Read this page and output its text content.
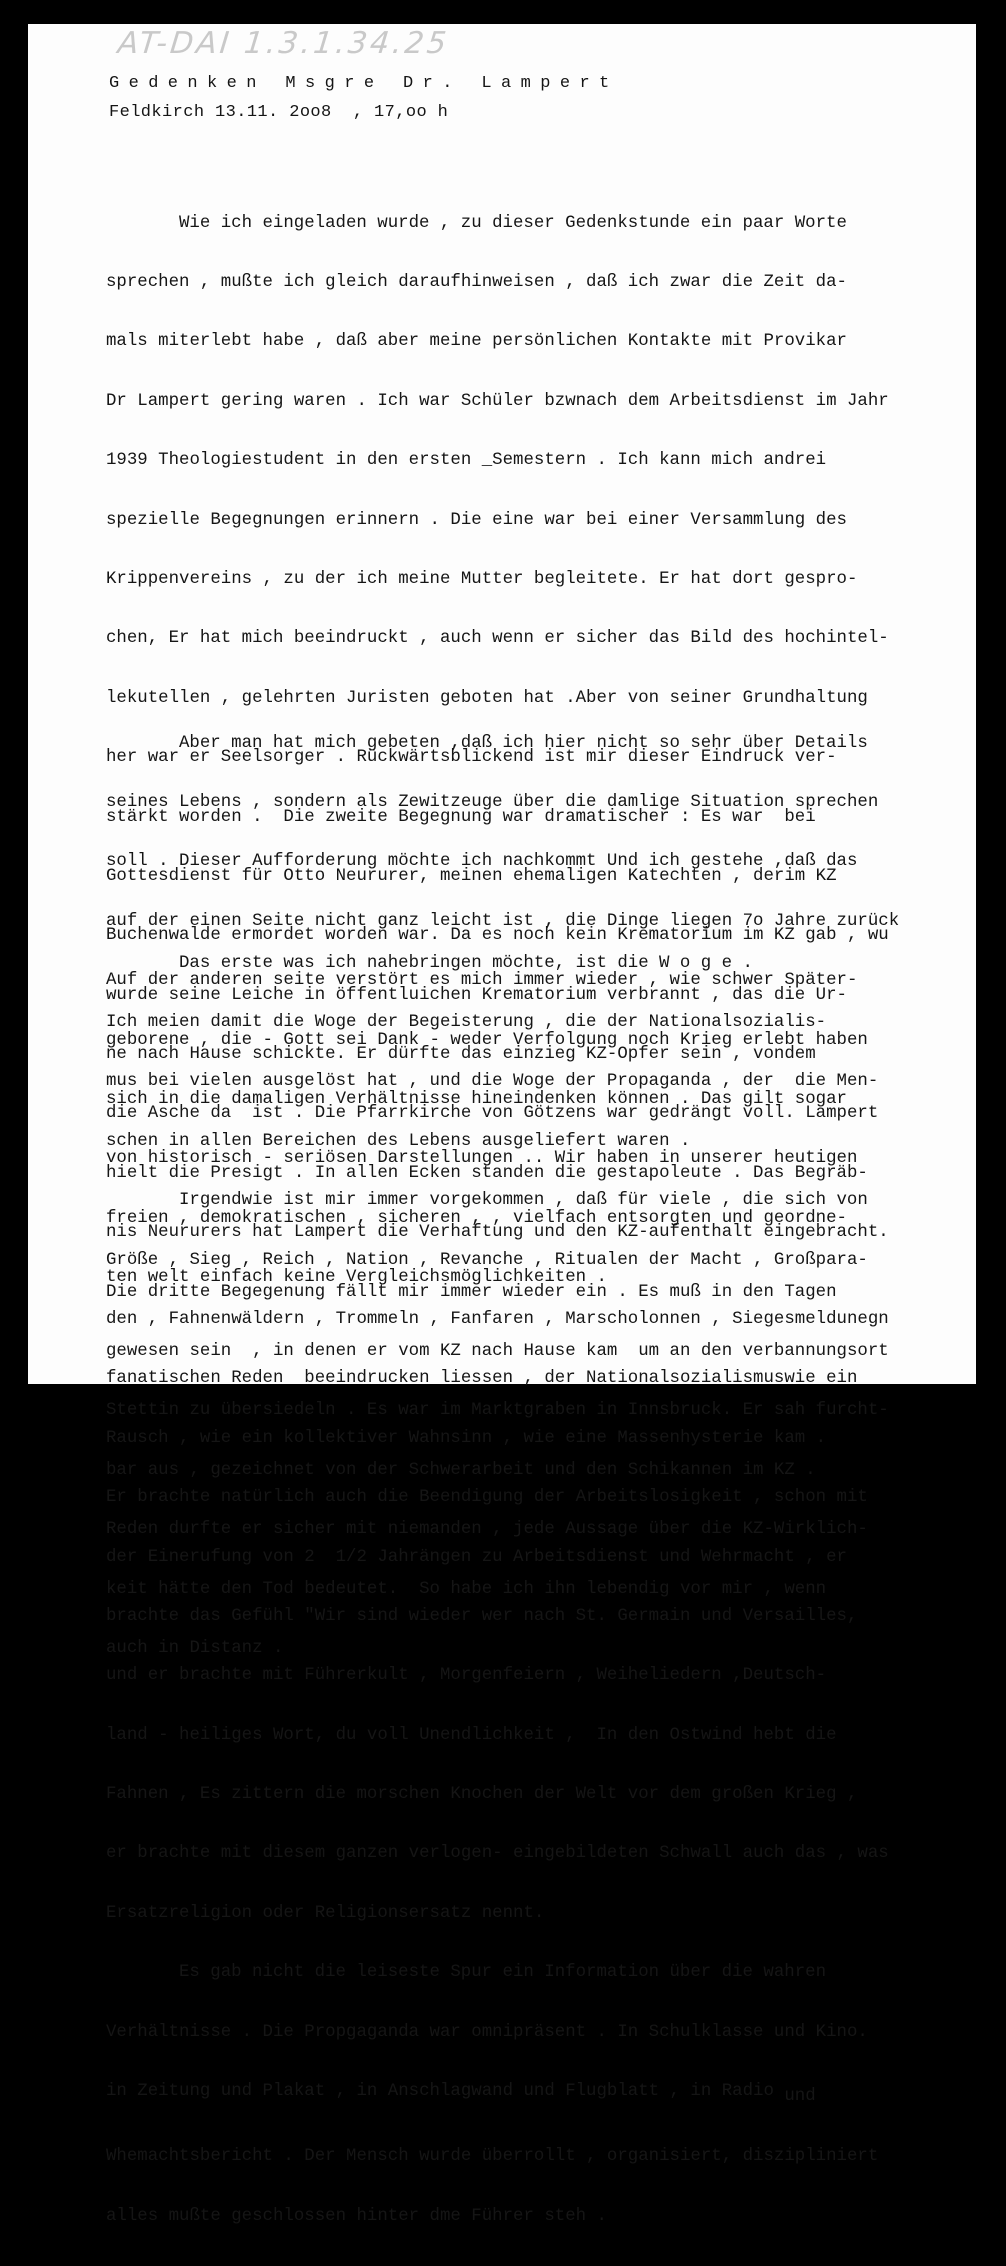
AT-DAI 1.3.1.34.25
Gedenken Msgre Dr. Lampert
Feldkirch 13.11. 2oo8  , 17,oo h

Wie ich eingeladen wurde , zu dieser Gedenkstunde ein paar Worte

sprechen , mußte ich gleich daraufhinweisen , daß ich zwar die Zeit da-

mals miterlebt habe , daß aber meine persönlichen Kontakte mit Provikar

Dr Lampert gering waren . Ich war Schüler bzwnach dem Arbeitsdienst im Jahr

1939 Theologiestudent in den ersten _Semestern . Ich kann mich andrei

spezielle Begegnungen erinnern . Die eine war bei einer Versammlung des

Krippenvereins , zu der ich meine Mutter begleitete. Er hat dort gespro-

chen, Er hat mich beeindruckt , auch wenn er sicher das Bild des hochintel-

lekutellen , gelehrten Juristen geboten hat .Aber von seiner Grundhaltung

her war er Seelsorger . Rückwärtsblickend ist mir dieser Eindruck ver-

stärkt worden .  Die zweite Begegnung war dramatischer : Es war  bei

Gottesdienst für Otto Neururer, meinen ehemaligen Katechten , derim KZ

Buchenwalde ermordet worden war. Da es noch kein Krematorium im KZ gab , wu

wurde seine Leiche in öffentluichen Krematorium verbrannt , das die Ur-

ne nach Hause schickte. Er dürfte das einzieg KZ-Opfer sein , vondem

die Asche da  ist . Die Pfarrkirche von Götzens war gedrängt voll. Lampert

hielt die Presigt . In allen Ecken standen die gestapoleute . Das Begräb-

nis Neururers hat Lampert die Verhaftung und den KZ-aufenthalt eingebracht.

Die dritte Begegenung fällt mir immer wieder ein . Es muß in den Tagen

gewesen sein  , in denen er vom KZ nach Hause kam  um an den verbannungsort

Stettin zu übersiedeln . Es war im Marktgraben in Innsbruck. Er sah furcht-

bar aus , gezeichnet von der Schwerarbeit und den Schikannen im KZ .

Reden durfte er sicher mit niemanden , jede Aussage über die KZ-Wirklich-

keit hätte den Tod bedeutet.  So habe ich ihn lebendig vor mir , wenn

auch in Distanz .

Aber man hat mich gebeten ,daß ich hier nicht so sehr über Details

seines Lebens , sondern als Zewitzeuge über die damlige Situation sprechen

soll . Dieser Aufforderung möchte ich nachkommt Und ich gestehe ,daß das

auf der einen Seite nicht ganz leicht ist , die Dinge liegen 7o Jahre zurück

Auf der anderen seite verstört es mich immer wieder , wie schwer Später-

geborene , die - Gott sei Dank - weder Verfolgung noch Krieg erlebt haben

sich in die damaligen Verhältnisse hineindenken können . Das gilt sogar

von historisch - seriösen Darstellungen .. Wir haben in unserer heutigen

freien , demokratischen , sicheren , , vielfach entsorgten und geordne-

ten welt einfach keine Vergleichsmöglichkeiten .

Das erste was ich nahebringen möchte, ist die W o g e .

Ich meien damit die Woge der Begeisterung , die der Nationalsozialis-

mus bei vielen ausgelöst hat , und die Woge der Propaganda , der  die Men-

schen in allen Bereichen des Lebens ausgeliefert waren .

Irgendwie ist mir immer vorgekommen , daß für viele , die sich von

Größe , Sieg , Reich , Nation , Revanche , Ritualen der Macht , Großpara-

den , Fahnenwäldern , Trommeln , Fanfaren , Marscholonnen , Siegesmeldunegn

fanatischen Reden  beeindrucken liessen , der Nationalsozialismuswie ein

Rausch , wie ein kollektiver Wahnsinn , wie eine Massenhysterie kam .

Er brachte natürlich auch die Beendigung der Arbeitslosigkeit , schon mit

der Einerufung von 2  1/2 Jahrängen zu Arbeitsdienst und Wehrmacht , er

brachte das Gefühl "Wir sind wieder wer nach St. Germain und Versailles,

und er brachte mit Führerkult , Morgenfeiern , Weiheliedern ,Deutsch-

land - heiliges Wort, du voll Unendlichkeit ,  In den Ostwind hebt die

Fahnen , Es zittern die morschen Knochen der Welt vor dem großen Krieg ,

er brachte mit diesem ganzen verlogen- eingebildeten Schwall auch das , was

Ersatzreligion oder Religionsersatz nennt.

Es gab nicht die leiseste Spur ein Information über die wahren

Verhältnisse . Die Propgaganda war omnipräsent . In Schulklasse und Kino.

in Zeitung und Plakat , in Anschlagwand und Flugblatt , in Radio und

Whemachtsbericht . Der Mensch wurde überrollt , organisiert, diszipliniert

alles mußte geschlossen hinter dme Führer steh .
